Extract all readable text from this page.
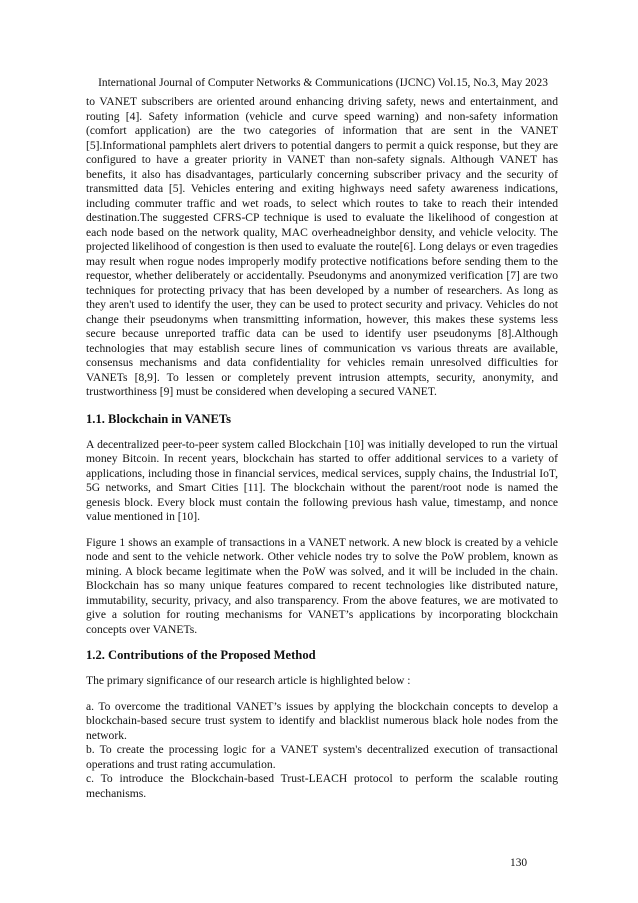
International Journal of Computer Networks & Communications (IJCNC) Vol.15, No.3, May 2023

to VANET subscribers are oriented around enhancing driving safety, news and entertainment, and routing [4]. Safety information (vehicle and curve speed warning) and non-safety information (comfort application) are the two categories of information that are sent in the VANET [5].Informational pamphlets alert drivers to potential dangers to permit a quick response, but they are configured to have a greater priority in VANET than non-safety signals. Although VANET has benefits, it also has disadvantages, particularly concerning subscriber privacy and the security of transmitted data [5]. Vehicles entering and exiting highways need safety awareness indications, including commuter traffic and wet roads, to select which routes to take to reach their intended destination.The suggested CFRS-CP technique is used to evaluate the likelihood of congestion at each node based on the network quality, MAC overheadneighbor density, and vehicle velocity. The projected likelihood of congestion is then used to evaluate the route[6]. Long delays or even tragedies may result when rogue nodes improperly modify protective notifications before sending them to the requestor, whether deliberately or accidentally. Pseudonyms and anonymized verification [7] are two techniques for protecting privacy that has been developed by a number of researchers. As long as they aren't used to identify the user, they can be used to protect security and privacy. Vehicles do not change their pseudonyms when transmitting information, however, this makes these systems less secure because unreported traffic data can be used to identify user pseudonyms [8].Although technologies that may establish secure lines of communication vs various threats are available, consensus mechanisms and data confidentiality for vehicles remain unresolved difficulties for VANETs [8,9]. To lessen or completely prevent intrusion attempts, security, anonymity, and trustworthiness [9] must be considered when developing a secured VANET.

1.1. Blockchain in VANETs

A decentralized peer-to-peer system called Blockchain [10] was initially developed to run the virtual money Bitcoin. In recent years, blockchain has started to offer additional services to a variety of applications, including those in financial services, medical services, supply chains, the Industrial IoT, 5G networks, and Smart Cities [11]. The blockchain without the parent/root node is named the genesis block. Every block must contain the following previous hash value, timestamp, and nonce value mentioned in [10].

Figure 1 shows an example of transactions in a VANET network. A new block is created by a vehicle node and sent to the vehicle network. Other vehicle nodes try to solve the PoW problem, known as mining. A block became legitimate when the PoW was solved, and it will be included in the chain. Blockchain has so many unique features compared to recent technologies like distributed nature, immutability, security, privacy, and also transparency. From the above features, we are motivated to give a solution for routing mechanisms for VANET’s applications by incorporating blockchain concepts over VANETs.

1.2. Contributions of the Proposed Method

The primary significance of our research article is highlighted below :

a. To overcome the traditional VANET’s issues by applying the blockchain concepts to develop a blockchain-based secure trust system to identify and blacklist numerous black hole nodes from the network.

b. To create the processing logic for a VANET system's decentralized execution of transactional operations and trust rating accumulation.

c. To introduce the Blockchain-based Trust-LEACH protocol to perform the scalable routing mechanisms.

130
